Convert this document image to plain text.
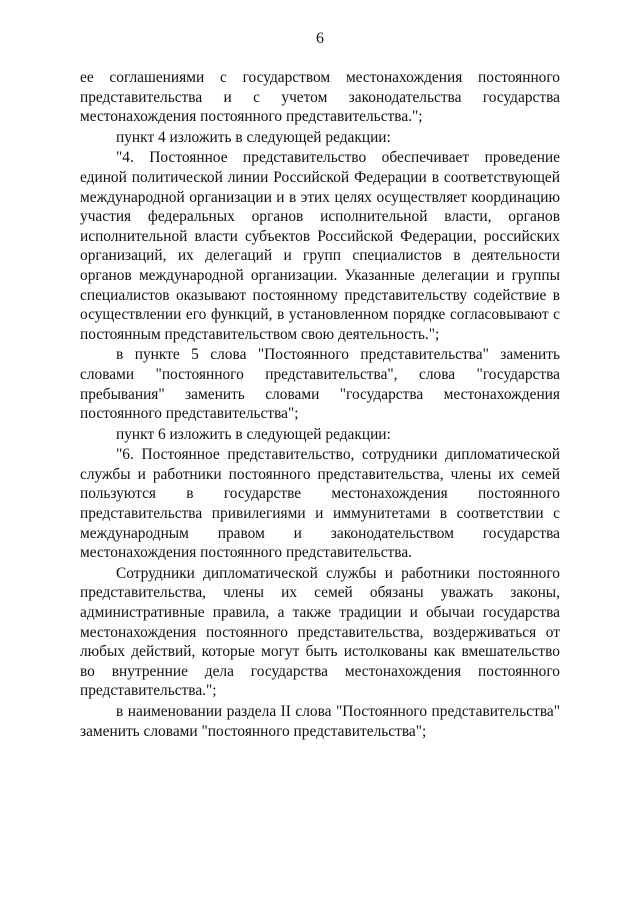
6

ее соглашениями с государством местонахождения постоянного представительства и с учетом законодательства государства местонахождения постоянного представительства.";

пункт 4 изложить в следующей редакции:

"4. Постоянное представительство обеспечивает проведение единой политической линии Российской Федерации в соответствующей международной организации и в этих целях осуществляет координацию участия федеральных органов исполнительной власти, органов исполнительной власти субъектов Российской Федерации, российских организаций, их делегаций и групп специалистов в деятельности органов международной организации. Указанные делегации и группы специалистов оказывают постоянному представительству содействие в осуществлении его функций, в установленном порядке согласовывают с постоянным представительством свою деятельность.";

в пункте 5 слова "Постоянного представительства" заменить словами "постоянного представительства", слова "государства пребывания" заменить словами "государства местонахождения постоянного представительства";

пункт 6 изложить в следующей редакции:

"6. Постоянное представительство, сотрудники дипломатической службы и работники постоянного представительства, члены их семей пользуются в государстве местонахождения постоянного представительства привилегиями и иммунитетами в соответствии с международным правом и законодательством государства местонахождения постоянного представительства.

Сотрудники дипломатической службы и работники постоянного представительства, члены их семей обязаны уважать законы, административные правила, а также традиции и обычаи государства местонахождения постоянного представительства, воздерживаться от любых действий, которые могут быть истолкованы как вмешательство во внутренние дела государства местонахождения постоянного представительства.";

в наименовании раздела II слова "Постоянного представительства" заменить словами "постоянного представительства";
